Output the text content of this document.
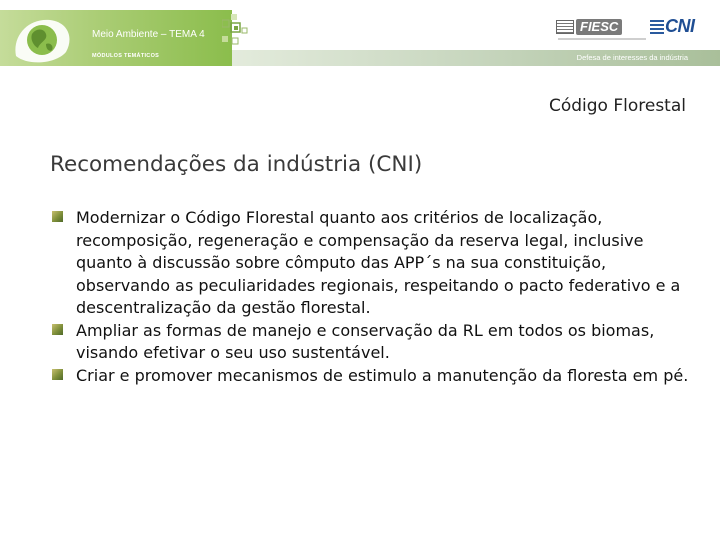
Meio Ambiente – TEMA 4
MÓDULOS TEMÁTICOS	Defesa de interesses da indústria
FIESC	CNI
Código Florestal
Recomendações da indústria (CNI)
Modernizar o Código Florestal quanto aos critérios de localização, recomposição, regeneração e compensação da reserva legal, inclusive quanto à discussão sobre cômputo das APP´s na sua constituição, observando as peculiaridades regionais, respeitando o pacto federativo e a descentralização da gestão florestal.
Ampliar as formas de manejo e conservação da RL em todos os biomas, visando efetivar o seu uso sustentável.
Criar e promover mecanismos de estimulo a manutenção da floresta em pé.
